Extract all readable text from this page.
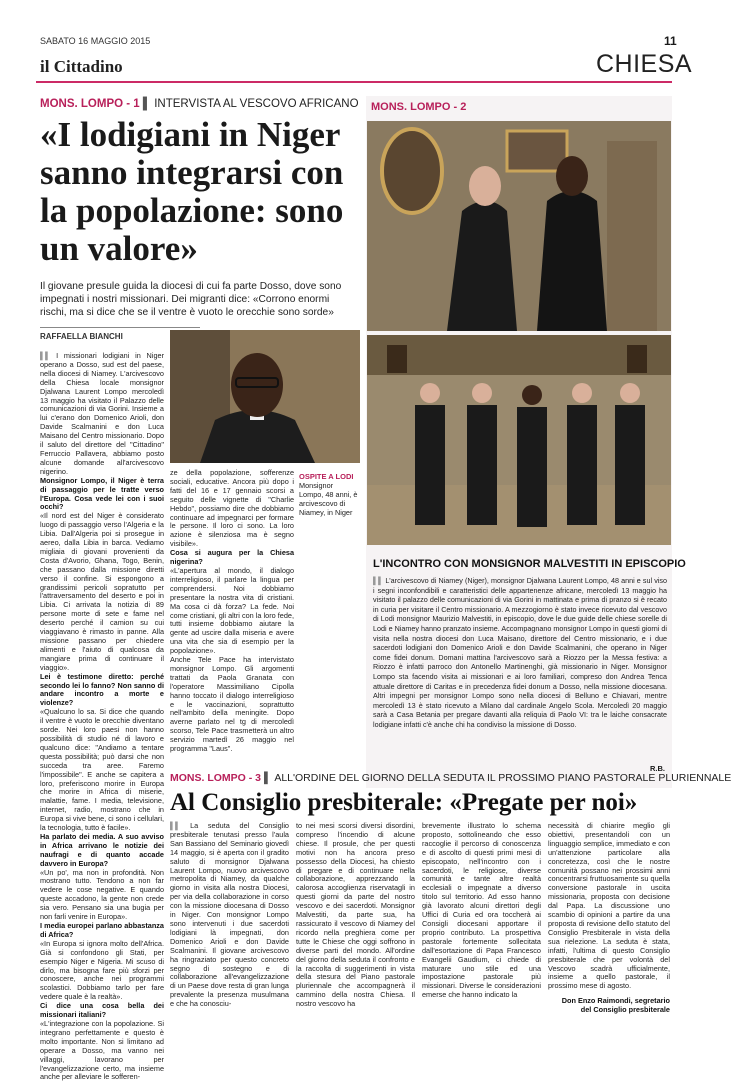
SABATO 16 MAGGIO 2015	11
il Cittadino	CHIESA
MONS. LOMPO - 1 ▌ INTERVISTA AL VESCOVO AFRICANO
«I lodigiani in Niger sanno integrarsi con la popolazione: sono un valore»
Il giovane presule guida la diocesi di cui fa parte Dosso, dove sono impegnati i nostri missionari. Dei migranti dice: «Corrono enormi rischi, ma si dice che se il ventre è vuoto le orecchie sono sorde»
RAFFAELLA BIANCHI

▌▌ I missionari lodigiani in Niger operano a Dosso, sud est del paese, nella diocesi di Niamey. L'arcivescovo della Chiesa locale monsignor Djalwana Laurent Lompo mercoledì 13 maggio ha visitato il Palazzo delle comunicazioni di via Gorini. Insieme a lui c'erano don Domenico Arioli, don Davide Scalmanini e don Luca Maisano del Centro missionario. Dopo il saluto del direttore del "Cittadino" Ferruccio Pallavera, abbiamo posto alcune domande all'arcivescovo nigerino.

Monsignor Lompo, il Niger è terra di passaggio per le tratte verso l'Europa. Cosa vede lei con i suoi occhi?

«Il nord est del Niger è considerato luogo di passaggio verso l'Algeria e la Libia. Dall'Algeria poi si prosegue in aereo, dalla Libia in barca. Vediamo migliaia di giovani provenienti da Costa d'Avorio, Ghana, Togo, Benin, che passano dalla missione diretti verso il confine. Si espongono a grandissimi pericoli sopratutto per l'attraversamento del deserto e poi in Libia. Ci arrivata la notizia di 89 persone morte di sete e fame nel deserto perché il camion su cui viaggiavano è rimasto in panne. Alla missione passano per chiedere alimenti e l'aiuto di qualcosa da mangiare prima di continuare il viaggio».

Lei è testimone diretto: perché secondo lei lo fanno? Non sanno di andare incontro a morte e violenze?

«Qualcuno lo sa. Si dice che quando il ventre è vuoto le orecchie diventano sorde. Nei loro paesi non hanno possibilità di studio né di lavoro e qualcuno dice: "Andiamo a tentare questa possibilità; può darsi che non succeda tra aree. Faremo l'impossibile". E anche se capitera a loro, preferiscono morire in Europa che morire in Africa di miserie, malattie, fame. I media, televisione, internet, radio, mostrano che in Europa si vive bene, ci sono i cellulari, la tecnologia, tutto è facile».

Ha parlato dei media. A suo avviso in Africa arrivano le notizie dei naufragi e di quanto accade davvero in Europa?

«Un po', ma non in profondità. Non mostrano tutto. Tendono a non far vedere le cose negative. E quando queste accadono, la gente non crede sia vero. Pensano sia una bugia per non farli venire in Europa».

I media europei parlano abbastanza di Africa?

«In Europa si ignora molto dell'Africa. Già si confondono gli Stati, per esempio Niger e Nigeria. Mi scuso di dirlo, ma bisogna fare più sforzi per conoscere, anche nei programmi scolastici. Dobbiamo tarlo per fare vedere quale è la realtà».

Ci dice una cosa bella dei missionari italiani?

«L'integrazione con la popolazione. Si integrano perfettamente e questo è molto importante. Non si limitano ad operare a Dosso, ma vanno nei villaggi, lavorano per l'evangelizzazione certo, ma insieme anche per alleviare le sofferen-

ze della popolazione, sofferenze sociali, educative. Ancora più dopo i fatti del 16 e 17 gennaio scorsi a seguito delle vignette di "Charlie Hebdo", possiamo dire che dobbiamo continuare ad impegnarci per formare le persone. Il loro ci sono. La loro azione è silenziosa ma è segno visibile».

Cosa si augura per la Chiesa nigerina?

«L'apertura al mondo, il dialogo interreligioso, il parlare la lingua per comprendersi. Noi dobbiamo presentare la nostra vita di cristiani. Ma cosa ci dà forza? La fede. Noi come cristiani, gli altri con la loro fede, tutti insieme dobbiamo aiutare la gente ad uscire dalla miseria e avere una vita che sia di esempio per la popolazione».

Anche Tele Pace ha intervistato monsignor Lompo. Gli argomenti trattati da Paola Granata con l'operatore Massimiliano Cipolla hanno toccato il dialogo interreligioso e le vaccinazioni, soprattutto nell'ambito della meningite. Dopo averne parlato nel tg di mercoledì scorso, Tele Pace trasmetterà un altro servizio martedì 26 maggio nel programma "Laus".

OSPITE A LODI
Monsignor Lompo, 48 anni, è arcivescovo di Niamey, in Niger
MONS. LOMPO - 2
L'INCONTRO CON MONSIGNOR MALVESTITI IN EPISCOPIO
▌▌ L'arcivescovo di Niamey (Niger), monsignor Djalwana Laurent Lompo, 48 anni e sul viso i segni inconfondibili e caratteristici delle appartenenze africane, mercoledì 13 maggio ha visitato il palazzo delle comunicazioni di via Gorini in mattinata e prima di pranzo si è recato in curia per visitare il Centro missionario. A mezzogiorno è stato invece ricevuto dal vescovo di Lodi monsignor Maurizio Malvestiti, in episcopio, dove le due guide delle chiese sorelle di Lodi e Niamey hanno pranzato insieme. Accompagnano monsignor Lompo in questi giorni di visita nella nostra diocesi don Luca Maisano, direttore del Centro missionario, e i due sacerdoti lodigiani don Domenico Arioli e don Davide Scalmanini, che operano in Niger come fidei donum. Domani mattina l'arcivescovo sarà a Riozzo per la Messa festiva: a Riozzo è infatti parroco don Antonello Martinenghi, già missionario in Niger. Monsignor Lompo sta facendo visita ai missionari e ai loro familiari, compreso don Andrea Tenca attuale direttore di Caritas e in precedenza fidei donum a Dosso, nella missione diocesana. Altri impegni per monsignor Lompo sono nella diocesi di Belluno e Chiavari, mentre mercoledì 13 è stato ricevuto a Milano dal cardinale Angelo Scola. Mercoledì 20 maggio sarà a Casa Betania per pregare davanti alla reliquia di Paolo VI: tra le laiche consacrate lodigiane infatti c'è anche chi ha condiviso la missione di Dosso.
R.B.
MONS. LOMPO - 3 ▌ ALL'ORDINE DEL GIORNO DELLA SEDUTA IL PROSSIMO PIANO PASTORALE PLURIENNALE
Al Consiglio presbiterale: «Pregate per noi»
▌▌ La seduta del Consiglio presbiterale tenutasi presso l'aula San Bassiano del Seminario giovedì 14 maggio, si è aperta con il gradito saluto di monsignor Djalwana Laurent Lompo, nuovo arcivescovo metropolita di Niamey, da qualche giorno in visita alla nostra Diocesi, per via della collaborazione in corso con la missione diocesana di Dosso in Niger. Con monsignor Lompo sono intervenuti i due sacerdoti lodigiani là impegnati, don Domenico Arioli e don Davide Scalmanini. Il giovane arcivescovo ha ringraziato per questo concreto segno di sostegno e di collaborazione all'evangelizzazione di un Paese dove resta di gran lunga prevalente la presenza musulmana e che ha conosciu-
to nei mesi scorsi diversi disordini, compreso l'incendio di alcune chiese. Il prosule, che per questi motivi non ha ancora preso possesso della Diocesi, ha chiesto di pregare e di continuare nella collaborazione, apprezzando la calorosa accoglienza riservatagli in questi giorni da parte del nostro vescovo e dei sacerdoti. Monsignor Malvestiti, da parte sua, ha rassicurato il vescovo di Niamey del ricordo nella preghiera come per tutte le Chiese che oggi soffrono in diverse parti del mondo. All'ordine del giorno della seduta il confronto e la raccolta di suggerimenti in vista della stesura del Piano pastorale pluriennale che accompagnerà il cammino della nostra Chiesa. Il nostro vescovo ha
brevemente illustrato lo schema proposto, sottolineando che esso raccoglie il percorso di conoscenza e di ascolto di questi primi mesi di episcopato, nell'incontro con i sacerdoti, le religiose, diverse comunità e tante altre realtà ecclesiali o impegnate a diverso titolo sul territorio. Ad esso hanno già lavorato alcuni direttori degli Uffici di Curia ed ora toccherà ai Consigli diocesani apportare il proprio contributo. La prospettiva pastorale fortemente sollecitata dall'esortazione di Papa Francesco Evangelii Gaudium, ci chiede di maturare uno stile ed una impostazione pastorale più missionari. Diverse le considerazioni emerse che hanno indicato la
necessità di chiarire meglio gli obiettivi, presentandoli con un linguaggio semplice, immediato e con un'attenzione particolare alla concretezza, così che le nostre comunità possano nei prossimi anni concentrarsi fruttuosamente su quella conversione pastorale in uscita missionaria, proposta con decisione dal Papa. La discussione uno scambio di opinioni a partire da una proposta di revisione dello statuto del Consiglio Presbiterale in vista della sua rielezione. La seduta è stata, infatti, l'ultima di questo Consiglio presbiterale che per volontà del Vescovo scadrà ufficialmente, insieme a quello pastorale, il prossimo mese di agosto.
Don Enzo Raimondi, segretario
del Consiglio presbiterale
